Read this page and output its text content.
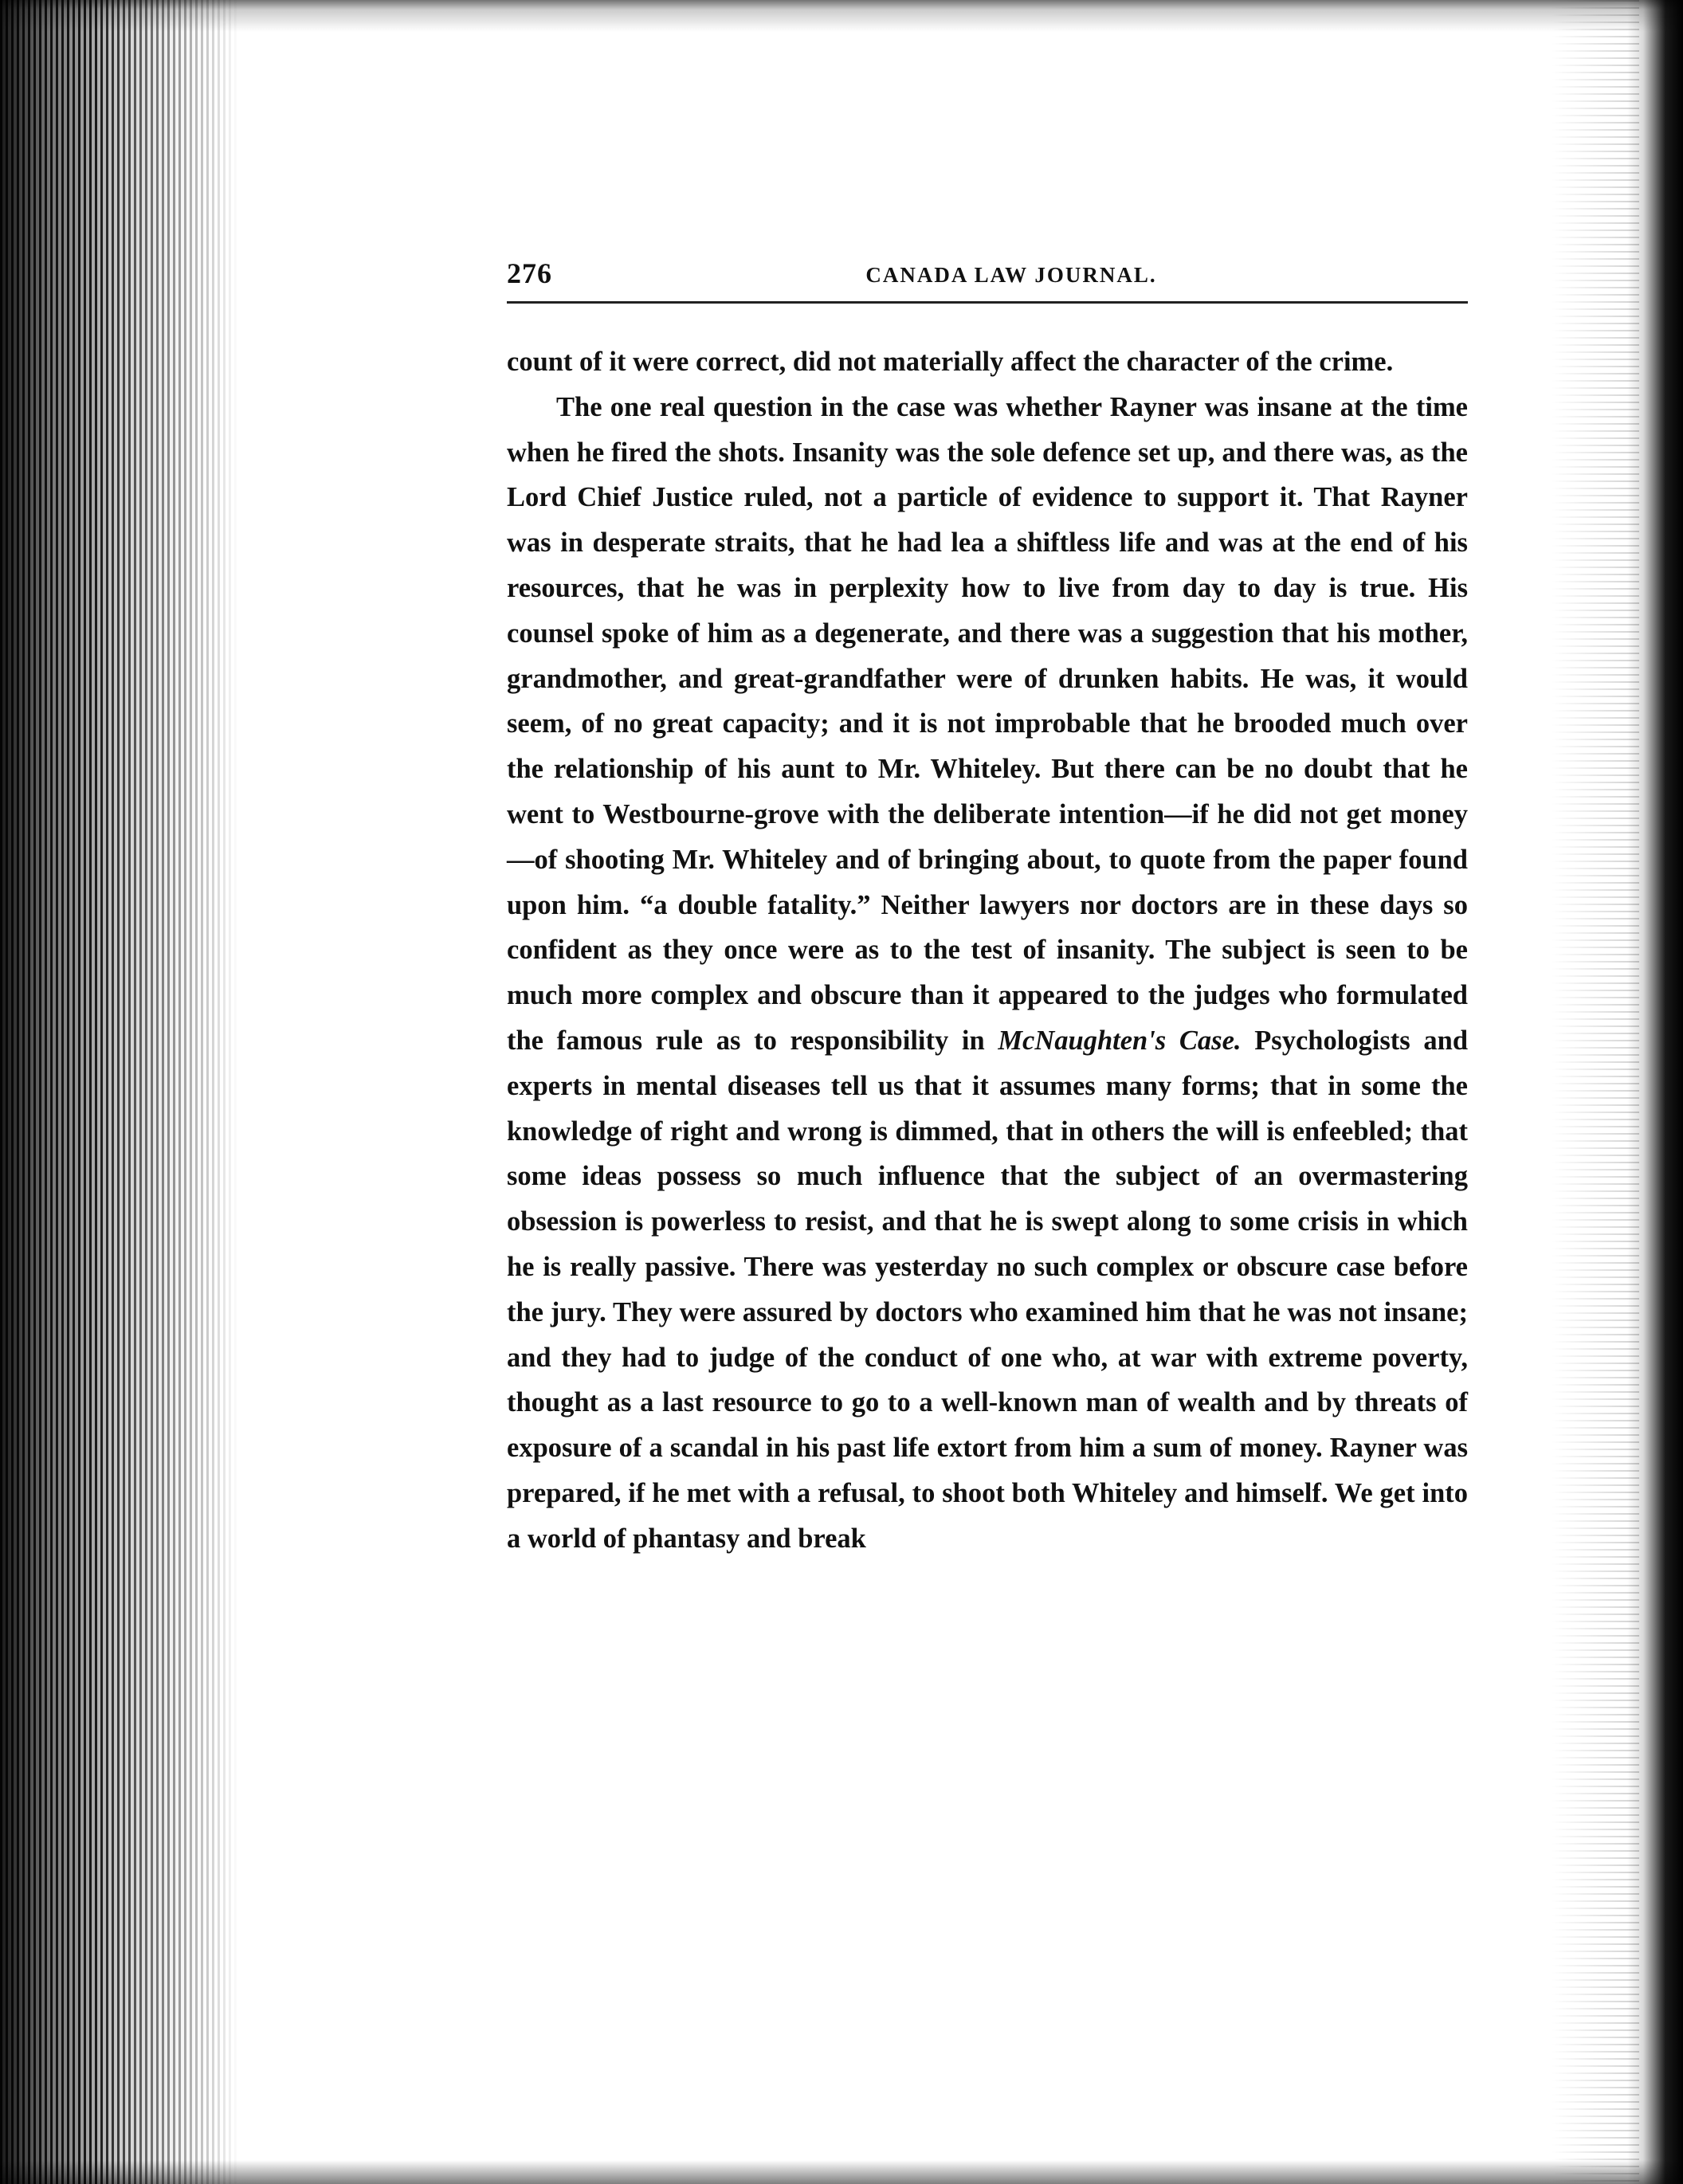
276	CANADA LAW JOURNAL.

count of it were correct, did not materially affect the character of the crime.

The one real question in the case was whether Rayner was insane at the time when he fired the shots. Insanity was the sole defence set up, and there was, as the Lord Chief Justice ruled, not a particle of evidence to support it. That Rayner was in desperate straits, that he had lea a shiftless life and was at the end of his resources, that he was in perplexity how to live from day to day is true. His counsel spoke of him as a degenerate, and there was a suggestion that his mother, grandmother, and great-grandfather were of drunken habits. He was, it would seem, of no great capacity; and it is not improbable that he brooded much over the relationship of his aunt to Mr. Whiteley. But there can be no doubt that he went to Westbourne-grove with the deliberate intention—if he did not get money—of shooting Mr. Whiteley and of bringing about, to quote from the paper found upon him. “a double fatality.” Neither lawyers nor doctors are in these days so confident as they once were as to the test of insanity. The subject is seen to be much more complex and obscure than it appeared to the judges who formulated the famous rule as to responsibility in McNaughten's Case. Psychologists and experts in mental diseases tell us that it assumes many forms; that in some the knowledge of right and wrong is dimmed, that in others the will is enfeebled; that some ideas possess so much influence that the subject of an overmastering obsession is powerless to resist, and that he is swept along to some crisis in which he is really passive. There was yesterday no such complex or obscure case before the jury. They were assured by doctors who examined him that he was not insane; and they had to judge of the conduct of one who, at war with extreme poverty, thought as a last resource to go to a well-known man of wealth and by threats of exposure of a scandal in his past life extort from him a sum of money. Rayner was prepared, if he met with a refusal, to shoot both Whiteley and himself. We get into a world of phantasy and break
